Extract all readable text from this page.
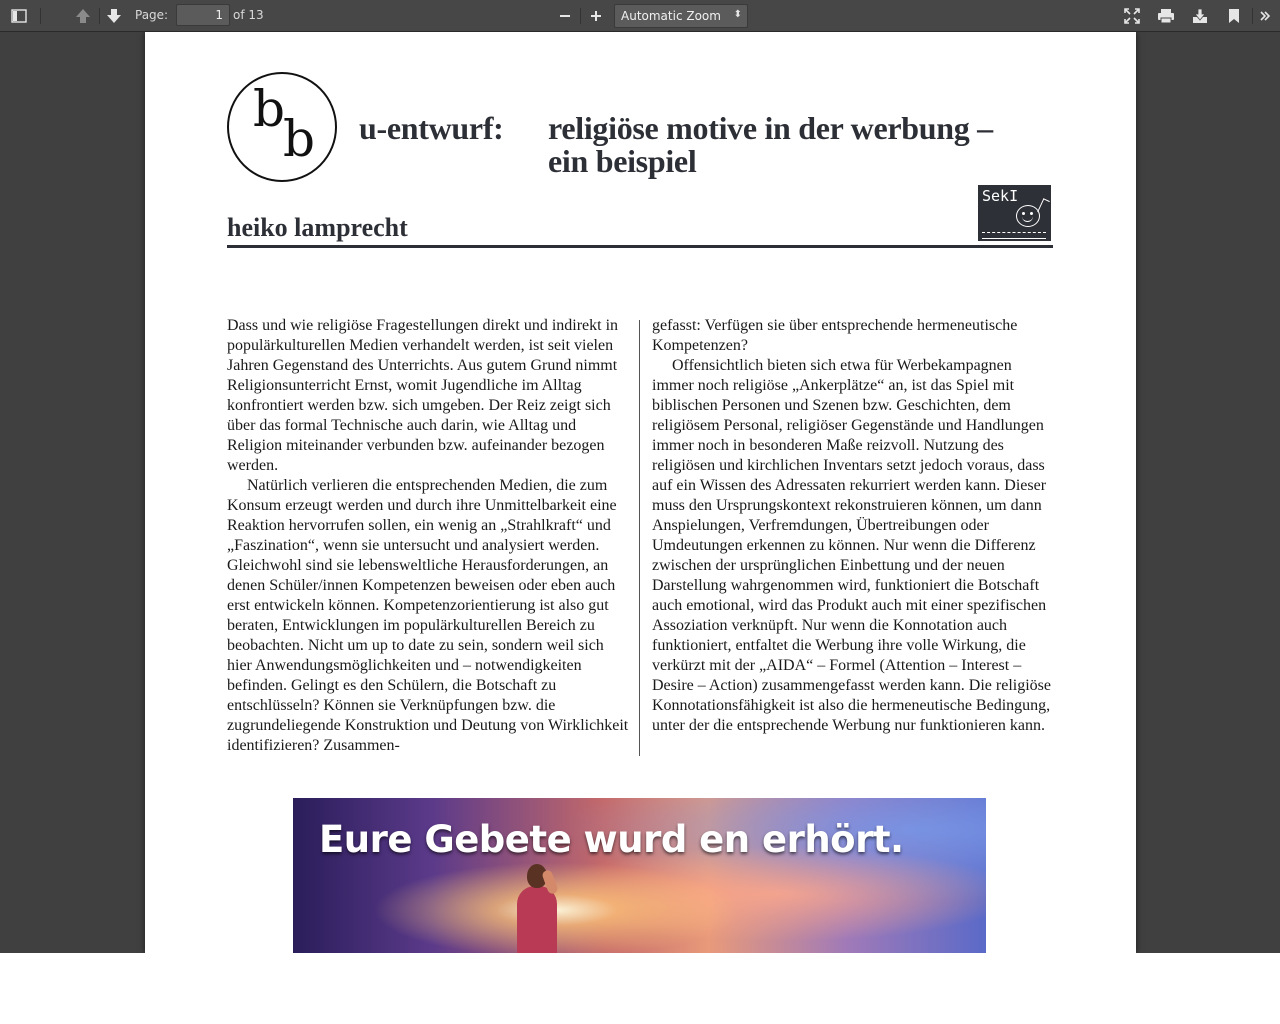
Page:
1	of 13	Automatic Zoom ⬍
b
b u-entwurf: religiöse motive in der werbung –
ein beispiel
heiko lamprecht
SekI

Dass und wie religiöse Fragestellungen direkt und indirekt in populärkulturellen Medien verhandelt werden, ist seit vielen Jahren Gegenstand des Unterrichts. Aus gutem Grund nimmt Religionsunterricht Ernst, womit Jugendliche im Alltag konfrontiert werden bzw. sich umgeben. Der Reiz zeigt sich über das formal Technische auch darin, wie Alltag und Religion miteinander verbunden bzw. aufeinander bezogen werden.

Natürlich verlieren die entsprechenden Medien, die zum Konsum erzeugt werden und durch ihre Unmittelbarkeit eine Reaktion hervorrufen sollen, ein wenig an „Strahlkraft“ und „Faszination“, wenn sie untersucht und analysiert werden. Gleichwohl sind sie lebensweltliche Herausforderungen, an denen Schüler/innen Kompetenzen beweisen oder eben auch erst entwickeln können. Kompetenzorientierung ist also gut beraten, Entwicklungen im populärkulturellen Bereich zu beobachten. Nicht um up to date zu sein, sondern weil sich hier Anwendungsmöglichkeiten und – notwendigkeiten befinden. Gelingt es den Schülern, die Botschaft zu entschlüsseln? Können sie Verknüpfungen bzw. die zugrundeliegende Konstruktion und Deutung von Wirklichkeit identifizieren? Zusammen-

gefasst: Verfügen sie über entsprechende hermeneutische Kompetenzen?

Offensichtlich bieten sich etwa für Werbekampagnen immer noch religiöse „Ankerplätze“ an, ist das Spiel mit biblischen Personen und Szenen bzw. Geschichten, dem religiösem Personal, religiöser Gegenstände und Handlungen immer noch in besonderen Maße reizvoll. Nutzung des religiösen und kirchlichen Inventars setzt jedoch voraus, dass auf ein Wissen des Adressaten rekurriert werden kann. Dieser muss den Ursprungskontext rekonstruieren können, um dann Anspielungen, Verfremdungen, Übertreibungen oder Umdeutungen erkennen zu können. Nur wenn die Differenz zwischen der ursprünglichen Einbettung und der neuen Darstellung wahrgenommen wird, funktioniert die Botschaft auch emotional, wird das Produkt auch mit einer spezifischen Assoziation verknüpft. Nur wenn die Konnotation auch funktioniert, entfaltet die Werbung ihre volle Wirkung, die verkürzt mit der „AIDA“ – Formel (Attention – Interest – Desire – Action) zusammengefasst werden kann. Die religiöse Konnotationsfähigkeit ist also die hermeneutische Bedingung, unter der die entsprechende Werbung nur funktionieren kann.

Eure Gebete wurd en erhört.
